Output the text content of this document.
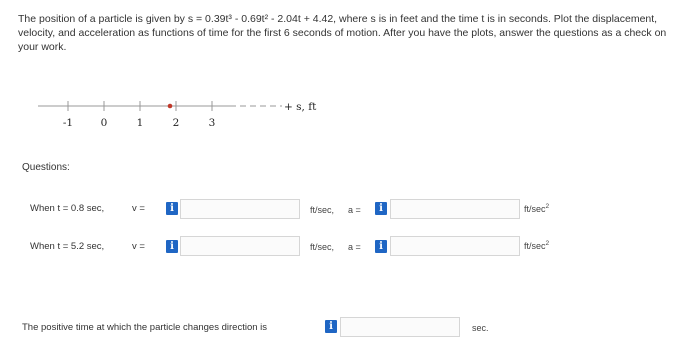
The position of a particle is given by s = 0.39t³ - 0.69t² - 2.04t + 4.42, where s is in feet and the time t is in seconds. Plot the displacement, velocity, and acceleration as functions of time for the first 6 seconds of motion. After you have the plots, answer the questions as a check on your work.
-1	0	1	2	3
+ s, ft
Questions:
When t = 0.8 sec,	v =	i	ft/sec, a =	i	$ft/\sec^2$
When t = 5.2 sec,	v =	i	ft/sec, a =	i	$ft/\sec^2$
The positive time at which the particle changes direction is	i	sec.
